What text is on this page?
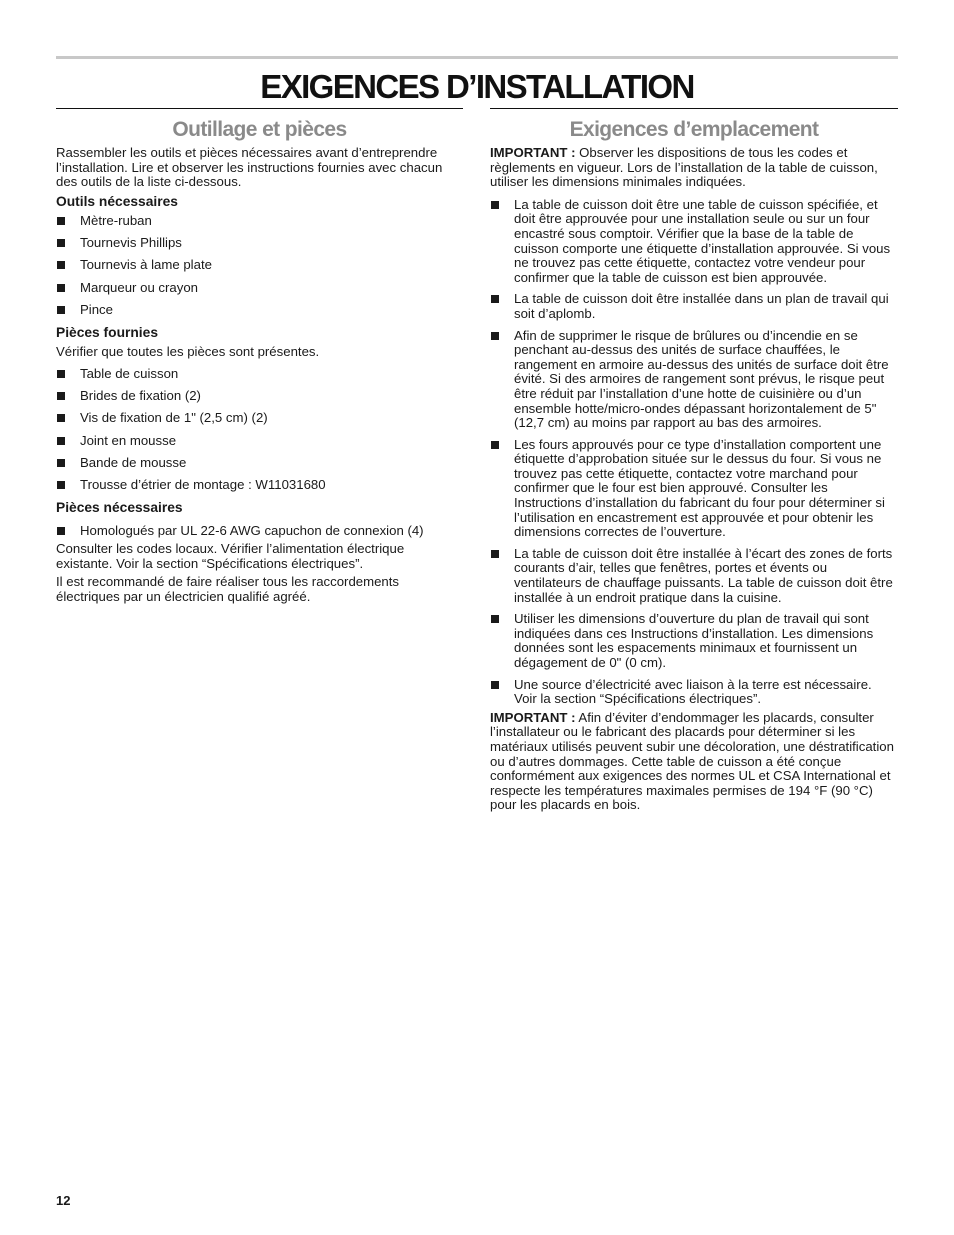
EXIGENCES D’INSTALLATION
Outillage et pièces

Rassembler les outils et pièces nécessaires avant d’entreprendre l’installation. Lire et observer les instructions fournies avec chacun des outils de la liste ci-dessous.

Outils nécessaires
Mètre-ruban
Tournevis Phillips
Tournevis à lame plate
Marqueur ou crayon
Pince
Pièces fournies

Vérifier que toutes les pièces sont présentes.

Table de cuisson
Brides de fixation (2)
Vis de fixation de 1" (2,5 cm) (2)
Joint en mousse
Bande de mousse
Trousse d’étrier de montage : W11031680
Pièces nécessaires
Homologués par UL 22-6 AWG capuchon de connexion (4)

Consulter les codes locaux. Vérifier l’alimentation électrique existante. Voir la section “Spécifications électriques”.

Il est recommandé de faire réaliser tous les raccordements électriques par un électricien qualifié agréé.

Exigences d’emplacement

IMPORTANT : Observer les dispositions de tous les codes et règlements en vigueur. Lors de l’installation de la table de cuisson, utiliser les dimensions minimales indiquées.

La table de cuisson doit être une table de cuisson spécifiée, et doit être approuvée pour une installation seule ou sur un four encastré sous comptoir. Vérifier que la base de la table de cuisson comporte une étiquette d’installation approuvée. Si vous ne trouvez pas cette étiquette, contactez votre vendeur pour confirmer que la table de cuisson est bien approuvée.
La table de cuisson doit être installée dans un plan de travail qui soit d’aplomb.
Afin de supprimer le risque de brûlures ou d’incendie en se penchant au-dessus des unités de surface chauffées, le rangement en armoire au-dessus des unités de surface doit être évité. Si des armoires de rangement sont prévus, le risque peut être réduit par l’installation d’une hotte de cuisinière ou d’un ensemble hotte/micro-ondes dépassant horizontalement de 5" (12,7 cm) au moins par rapport au bas des armoires.
Les fours approuvés pour ce type d’installation comportent une étiquette d’approbation située sur le dessus du four. Si vous ne trouvez pas cette étiquette, contactez votre marchand pour confirmer que le four est bien approuvé. Consulter les Instructions d’installation du fabricant du four pour déterminer si l’utilisation en encastrement est approuvée et pour obtenir les dimensions correctes de l’ouverture.
La table de cuisson doit être installée à l’écart des zones de forts courants d’air, telles que fenêtres, portes et évents ou ventilateurs de chauffage puissants. La table de cuisson doit être installée à un endroit pratique dans la cuisine.
Utiliser les dimensions d’ouverture du plan de travail qui sont indiquées dans ces Instructions d’installation. Les dimensions données sont les espacements minimaux et fournissent un dégagement de 0" (0 cm).
Une source d’électricité avec liaison à la terre est nécessaire. Voir la section “Spécifications électriques”.

IMPORTANT : Afin d’éviter d’endommager les placards, consulter l’installateur ou le fabricant des placards pour déterminer si les matériaux utilisés peuvent subir une décoloration, une déstratification ou d’autres dommages. Cette table de cuisson a été conçue conformément aux exigences des normes UL et CSA International et respecte les températures maximales permises de 194 °F (90 °C) pour les placards en bois.

12
